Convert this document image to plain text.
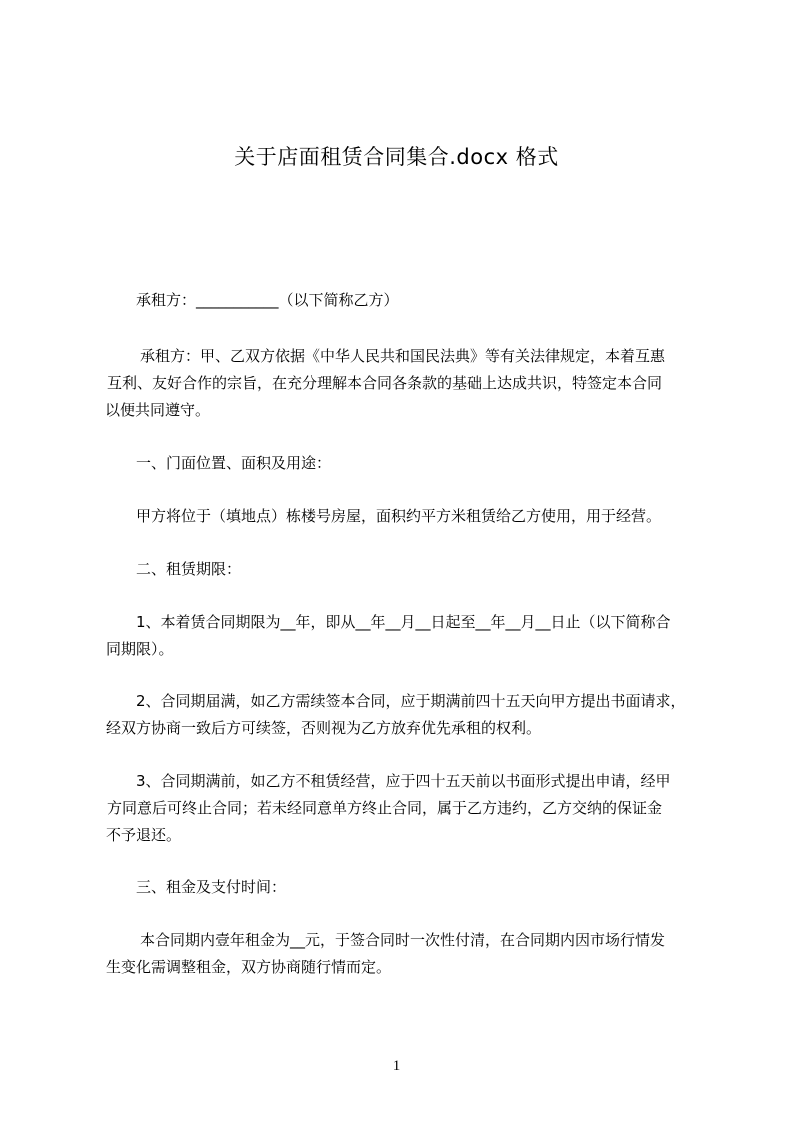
关于店面租赁合同集合.docx 格式
承租方：___________（以下简称乙方）
承租方：甲、乙双方依据《中华人民共和国民法典》等有关法律规定，本着互惠
互利、友好合作的宗旨，在充分理解本合同各条款的基础上达成共识，特签定本合同
以便共同遵守。
一、门面位置、面积及用途：
甲方将位于（填地点）栋楼号房屋，面积约平方米租赁给乙方使用，用于经营。
二、租赁期限：
1、本着赁合同期限为__年，即从__年__月__日起至__年__月__日止（以下简称合
同期限）。
2、合同期届满，如乙方需续签本合同，应于期满前四十五天向甲方提出书面请求，
经双方协商一致后方可续签，否则视为乙方放弃优先承租的权利。
3、合同期满前，如乙方不租赁经营，应于四十五天前以书面形式提出申请，经甲
方同意后可终止合同；若未经同意单方终止合同，属于乙方违约，乙方交纳的保证金
不予退还。
三、租金及支付时间：
本合同期内壹年租金为__元，于签合同时一次性付清，在合同期内因市场行情发
生变化需调整租金，双方协商随行情而定。
1
